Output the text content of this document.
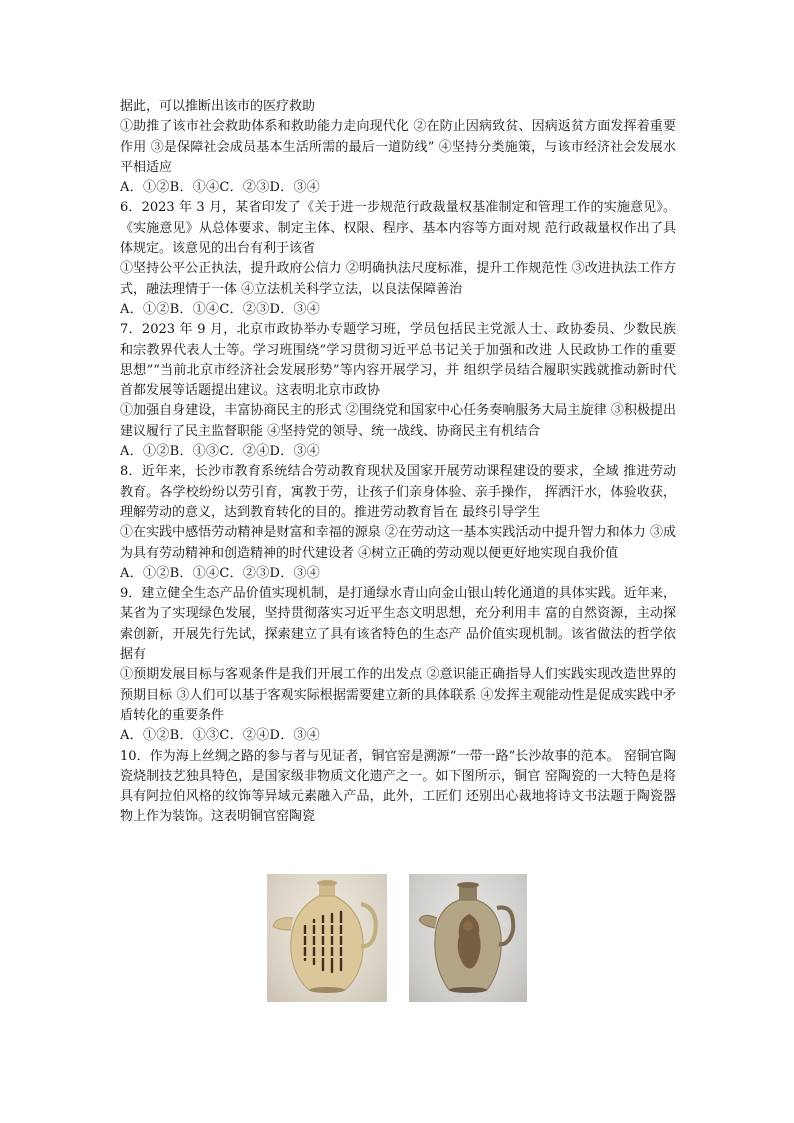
据此，可以推断出该市的医疗救助

①助推了该市社会救助体系和救助能力走向现代化 ②在防止因病致贫、因病返贫方面发挥着重要作用 ③是保障社会成员基本生活所需的最后一道防线” ④坚持分类施策，与该市经济社会发展水平相适应

A．①②B．①④C．②③D．③④

6．2023 年 3 月，某省印发了《关于进一步规范行政裁量权基准制定和管理工作的实施意见》。《实施意见》从总体要求、制定主体、权限、程序、基本内容等方面对规 范行政裁量权作出了具体规定。该意见的出台有利于该省

①坚持公平公正执法，提升政府公信力 ②明确执法尺度标准，提升工作规范性 ③改进执法工作方式，融法理情于一体 ④立法机关科学立法，以良法保障善治

A．①②B．①④C．②③D．③④

7．2023 年 9 月，北京市政协举办专题学习班，学员包括民主党派人士、政协委员、少数民族和宗教界代表人士等。学习班围绕“学习贯彻习近平总书记关于加强和改进 人民政协工作的重要思想”“当前北京市经济社会发展形势”等内容开展学习，并 组织学员结合履职实践就推动新时代首都发展等话题提出建议。这表明北京市政协

①加强自身建设，丰富协商民主的形式 ②围绕党和国家中心任务奏响服务大局主旋律 ③积极提出建议履行了民主监督职能 ④坚持党的领导、统一战线、协商民主有机结合

A．①②B．①③C．②④D．③④

8．近年来，长沙市教育系统结合劳动教育现状及国家开展劳动课程建设的要求，全域 推进劳动教育。各学校纷纷以劳引育，寓教于劳，让孩子们亲身体验、亲手操作， 挥洒汗水，体验收获，理解劳动的意义，达到教育转化的目的。推进劳动教育旨在 最终引导学生

①在实践中感悟劳动精神是财富和幸福的源泉 ②在劳动这一基本实践活动中提升智力和体力 ③成为具有劳动精神和创造精神的时代建设者 ④树立正确的劳动观以便更好地实现自我价值

A．①②B．①④C．②③D．③④

9．建立健全生态产品价值实现机制，是打通绿水青山向金山银山转化通道的具体实践。近年来，某省为了实现绿色发展，坚持贯彻落实习近平生态文明思想，充分利用丰 富的自然资源，主动探索创新，开展先行先试，探索建立了具有该省特色的生态产 品价值实现机制。该省做法的哲学依据有

①预期发展目标与客观条件是我们开展工作的出发点 ②意识能正确指导人们实践实现改造世界的预期目标 ③人们可以基于客观实际根据需要建立新的具体联系 ④发挥主观能动性是促成实践中矛盾转化的重要条件

A．①②B．①③C．②④D．③④

10．作为海上丝绸之路的参与者与见证者，铜官窑是溯源“一带一路”长沙故事的范本。 窑铜官陶瓷烧制技艺独具特色，是国家级非物质文化遗产之一。如下图所示，铜官 窑陶瓷的一大特色是将具有阿拉伯风格的纹饰等异域元素融入产品，此外，工匠们 还别出心裁地将诗文书法题于陶瓷器物上作为装饰。这表明铜官窑陶瓷
